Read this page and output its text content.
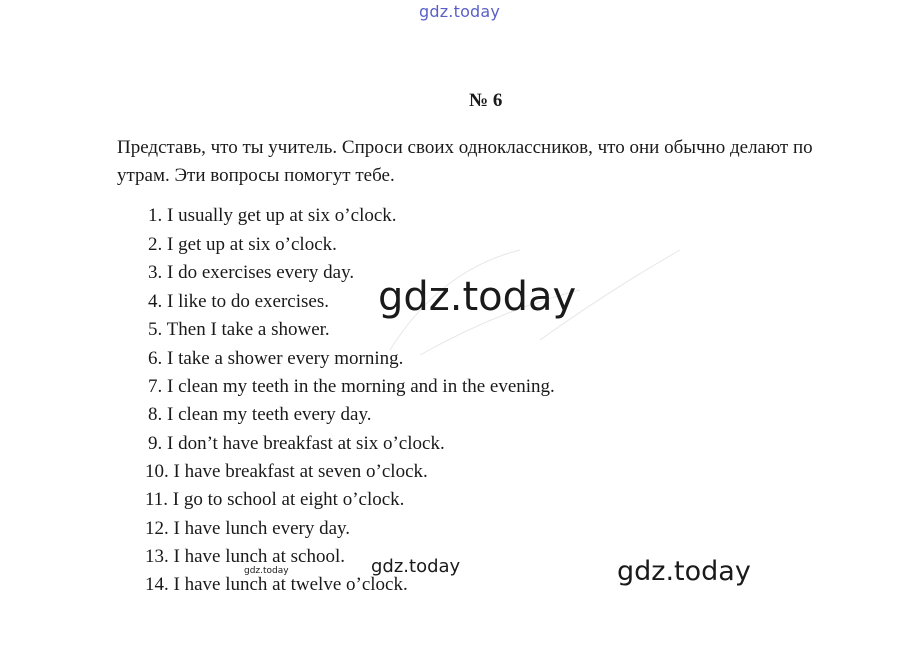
gdz.today
№ 6
Представь, что ты учитель. Спроси своих одноклассников, что они обычно делают по утрам. Эти вопросы помогут тебе.
1. I usually get up at six o’clock.
2. I get up at six o’clock.
3. I do exercises every day.
4. I like to do exercises.
5. Then I take a shower.
6. I take a shower every morning.
7. I clean my teeth in the morning and in the evening.
8. I clean my teeth every day.
9. I don’t have breakfast at six o’clock.
10. I have breakfast at seven o’clock.
11. I go to school at eight o’clock.
12. I have lunch every day.
13. I have lunch at school.
14. I have lunch at twelve o’clock.
gdz.today
gdz.today
gdz.today
gdz.today
